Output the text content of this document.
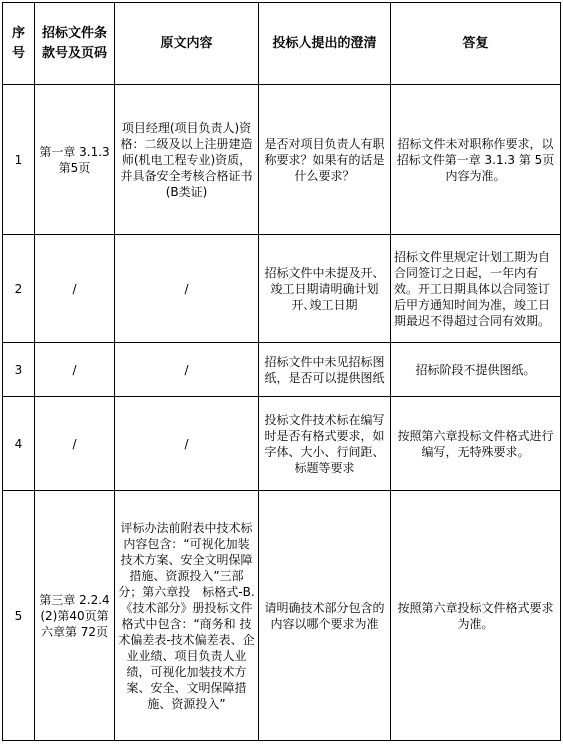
序号	招标文件条款号及页码	原文内容	投标人提出的澄清	答复
1	第一章 3.1.3第5页	项目经理(项目负责人)资格：二级及以上注册建造师(机电工程专业)资质，并具备安全考核合格证书(B类证)	是否对项目负责人有职称要求？如果有的话是什么要求？	招标文件未对职称作要求，以招标文件第一章 3.1.3 第 5页内容为准。
2	/	/	招标文件中未提及开、竣工日期请明确计划开､竣工日期	招标文件里规定计划工期为自合同签订之日起，一年内有效。开工日期具体以合同签订后甲方通知时间为准，竣工日期最迟不得超过合同有效期。
3	/	/	招标文件中未见招标图纸，是否可以提供图纸	招标阶段不提供图纸。
4	/	/	投标文件技术标在编写时是否有格式要求，如字体、大小、行间距、标题等要求	按照第六章投标文件格式进行编写，无特殊要求。
5	第三章 2.2.4(2)第40页第六章第 72页	评标办法前附表中技术标内容包含：“可视化加装技术方案、安全文明保障措施、资源投入”三部分；第六章投　标格式-B.《技术部分》册投标文件格式中包含：“商务和 技术偏差表-技术偏差表、企业业绩、项目负责人业绩，可视化加装技术方案、安全、文明保障措施、资源投入”	请明确技术部分包含的内容以哪个要求为准	按照第六章投标文件格式要求为准。
